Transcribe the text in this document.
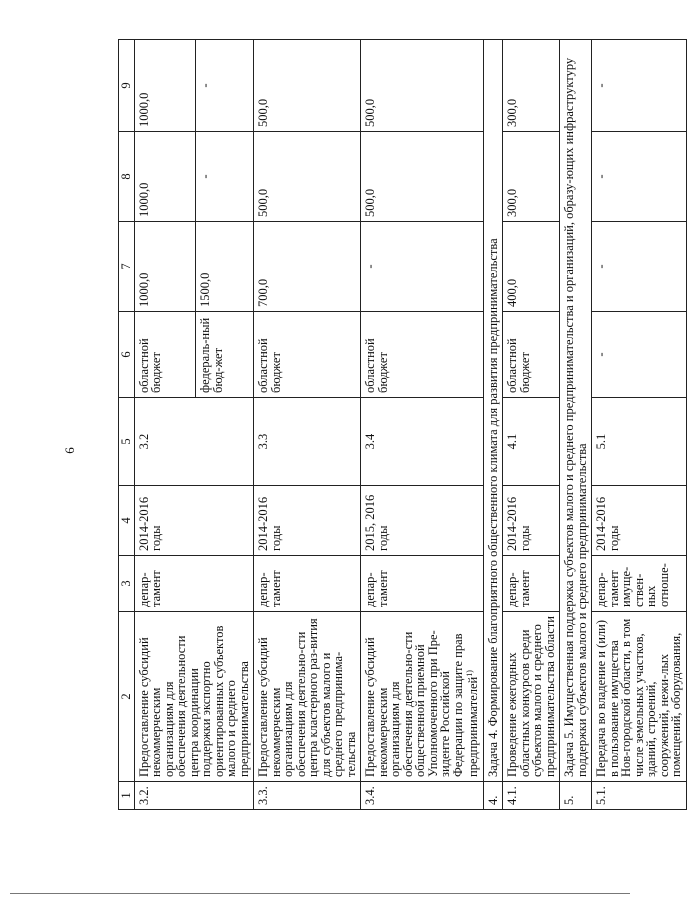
6
1	2	3	4	5	6	7	8	9
3.2.	Предоставление субсидий некоммерческим организациям для обеспечения деятельности центра координации поддержки экспортно ориентированных субъектов малого и среднего предпринимательства	депар-тамент	2014-2016 годы	3.2	областной бюджет	1000,0	1000,0	1000,0
					федераль-ный бюд-жет	1500,0	-	-
3.3.	Предоставление субсидий некоммерческим организациям для обеспечения деятельно-сти центра кластерного раз-вития для субъектов малого и среднего предпринима-тельства	депар-тамент	2014-2016 годы	3.3	областной бюджет	700,0	500,0	500,0
3.4.	Предоставление субсидий некоммерческим организациям для обеспечения деятельно-сти общественной приемной Уполномоченного при Пре-зиденте Российской Федерации по защите прав предпринимателей$^{1)}$	депар-тамент	2015, 2016 годы	3.4	областной бюджет	-	500,0	500,0
4.	Задача 4. Формирование благоприятного общественного климата для развития предпринимательства							
4.1.	Проведение ежегодных областных конкурсов среди субъектов малого и среднего предпринимательства области	депар-тамент	2014-2016 годы	4.1	областной бюджет	400,0	300,0	300,0
5.	Задача 5. Имущественная поддержка субъектов малого и среднего предпринимательства и организаций, образу-ющих инфраструктуру поддержки субъектов малого и среднего предпринимательства							
5.1.	Передача во владение и (или) в пользование имущества Нов-городской области, в том числе земельных участков, зданий, строений, сооружений, нежи-лых помещений, оборудования,	депар-тамент имуще-ствен-ных отноше-	2014-2016 годы	5.1	-	-	-	-
